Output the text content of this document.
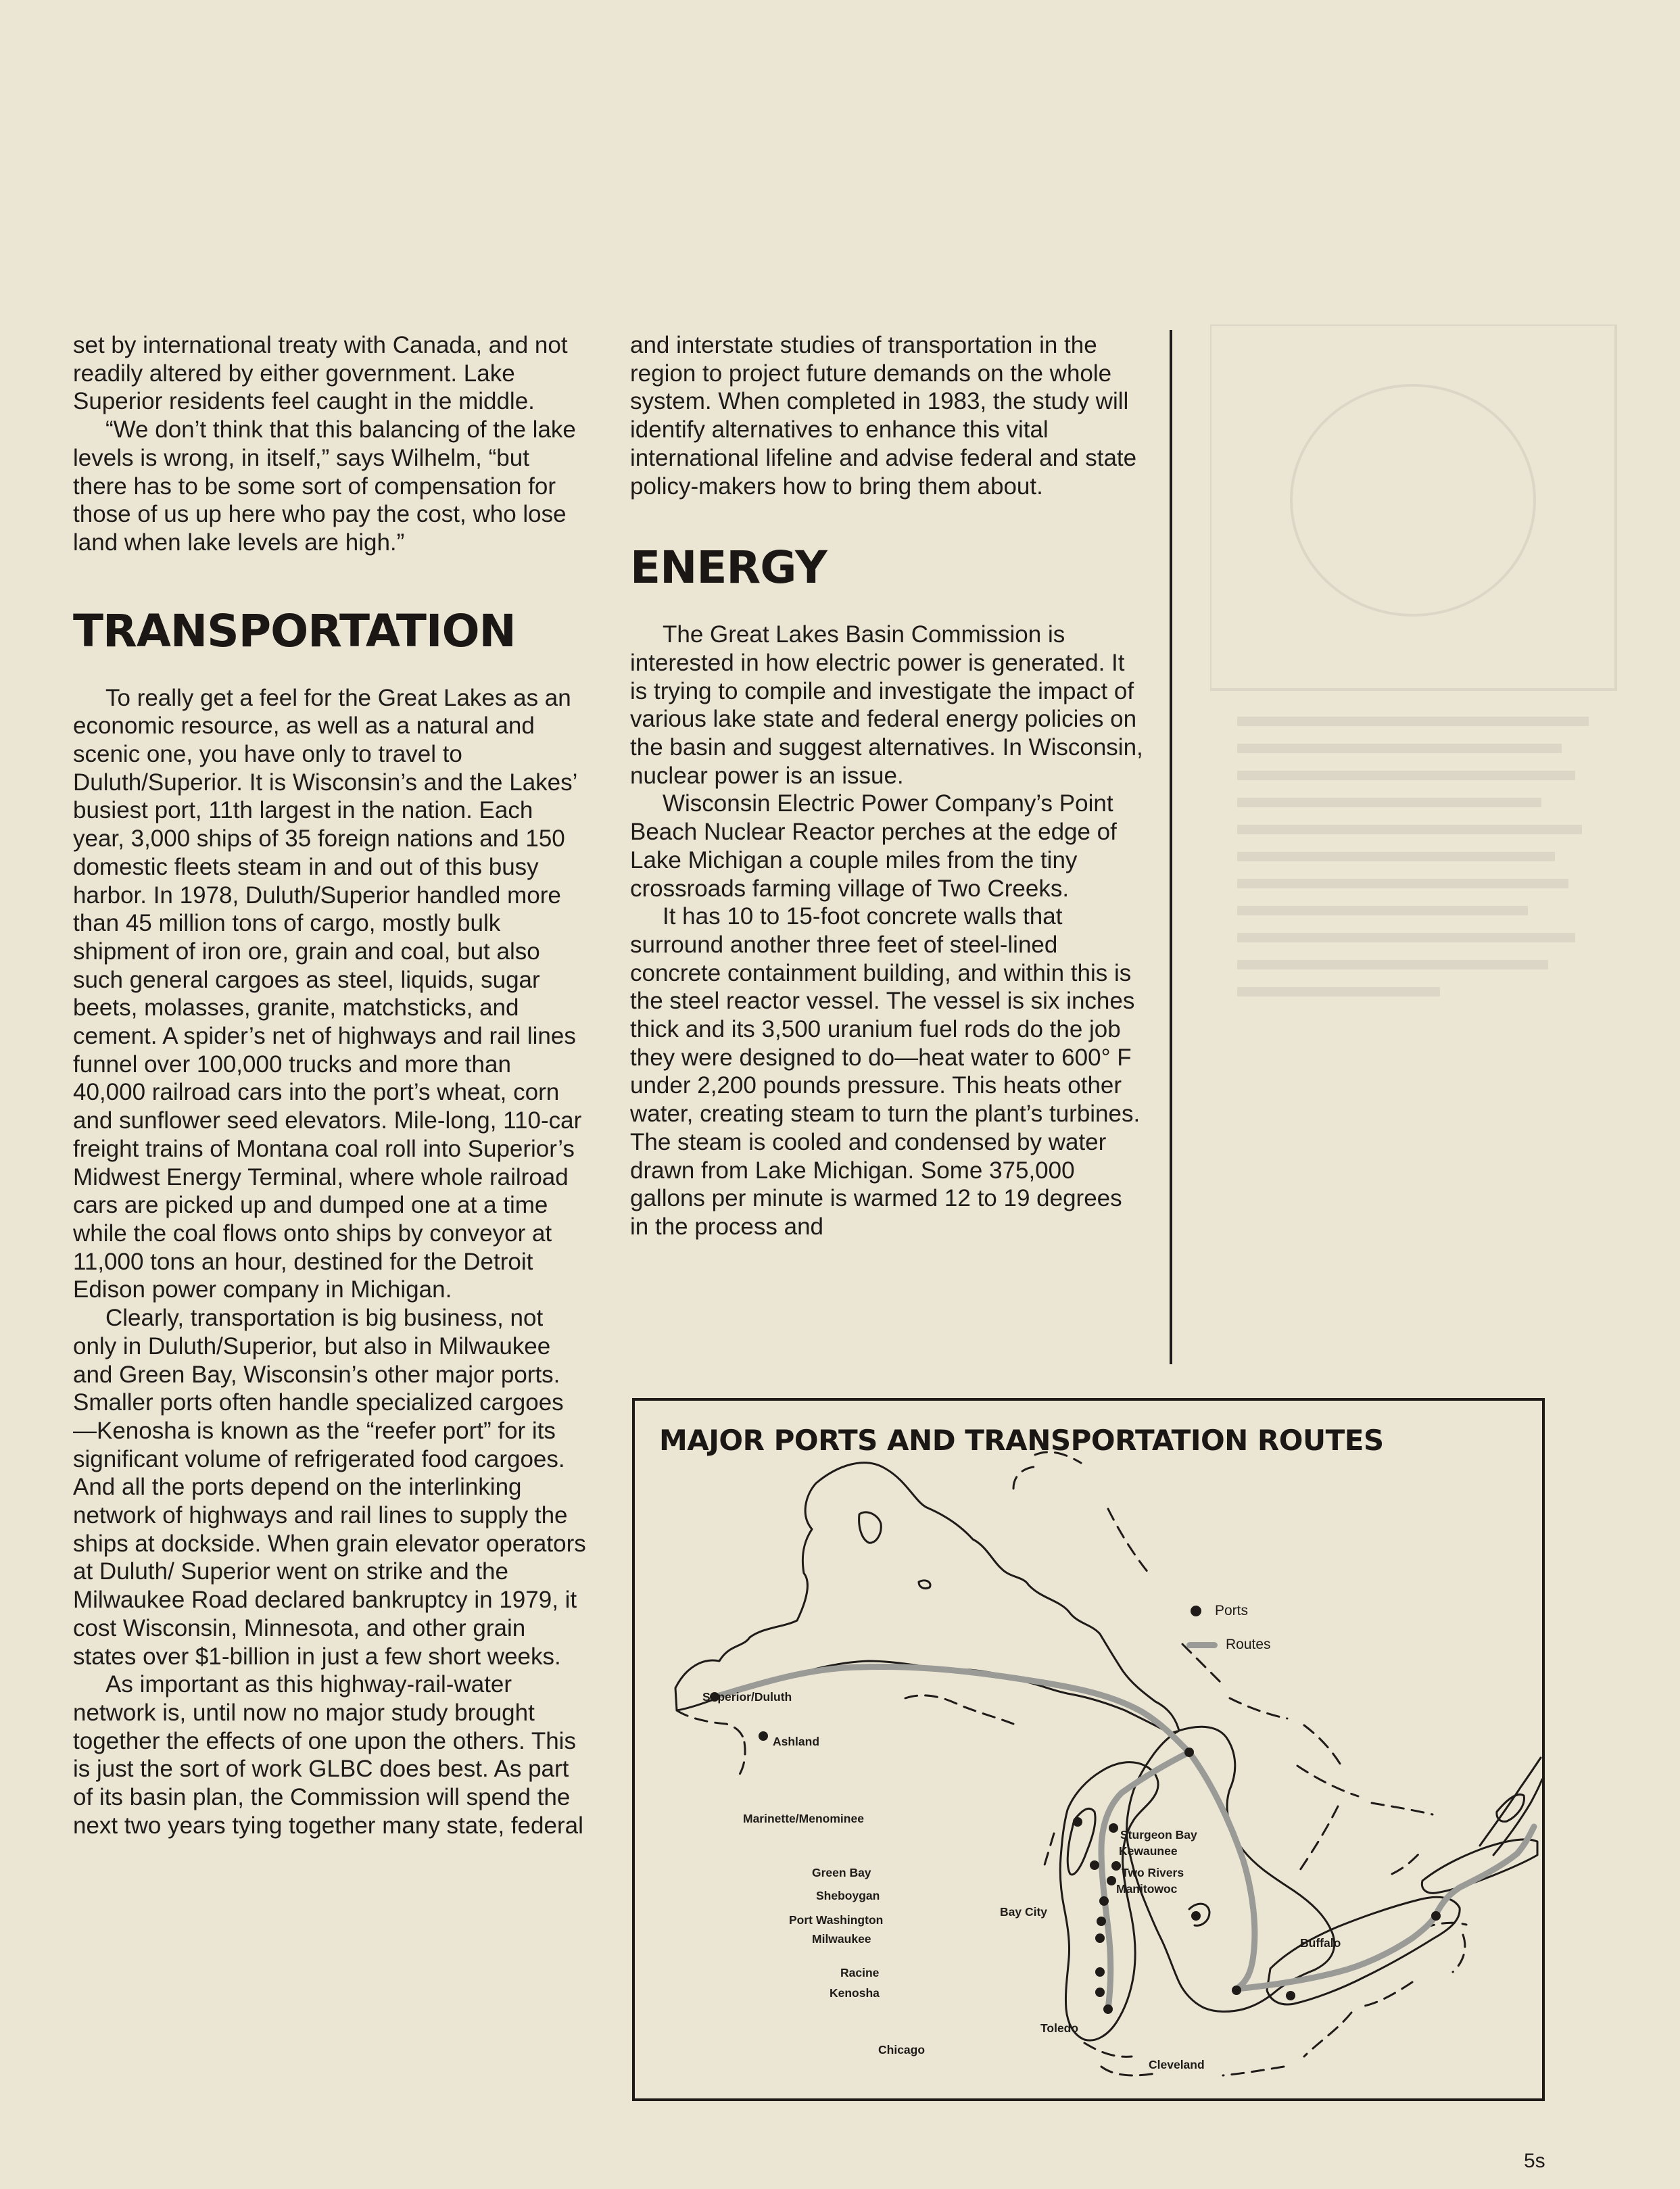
set by international treaty with Canada, and not readily altered by either government. Lake Superior residents feel caught in the middle.

“We don’t think that this balancing of the lake levels is wrong, in itself,” says Wilhelm, “but there has to be some sort of compensation for those of us up here who pay the cost, who lose land when lake levels are high.”

TRANSPORTATION

To really get a feel for the Great Lakes as an economic resource, as well as a natural and scenic one, you have only to travel to Duluth/Superior. It is Wisconsin’s and the Lakes’ busiest port, 11th largest in the nation. Each year, 3,000 ships of 35 foreign nations and 150 domestic fleets steam in and out of this busy harbor. In 1978, Duluth/Superior handled more than 45 million tons of cargo, mostly bulk shipment of iron ore, grain and coal, but also such general cargoes as steel, liquids, sugar beets, molasses, granite, matchsticks, and cement. A spider’s net of highways and rail lines funnel over 100,000 trucks and more than 40,000 railroad cars into the port’s wheat, corn and sunflower seed elevators. Mile-long, 110-car freight trains of Montana coal roll into Superior’s Midwest Energy Terminal, where whole railroad cars are picked up and dumped one at a time while the coal flows onto ships by conveyor at 11,000 tons an hour, destined for the Detroit Edison power company in Michigan.

Clearly, transportation is big business, not only in Duluth/Superior, but also in Milwaukee and Green Bay, Wisconsin’s other major ports. Smaller ports often handle specialized cargoes—Kenosha is known as the “reefer port” for its significant volume of refrigerated food cargoes. And all the ports depend on the interlinking network of highways and rail lines to supply the ships at dockside. When grain elevator operators at Duluth/ Superior went on strike and the Milwaukee Road declared bankruptcy in 1979, it cost Wisconsin, Minnesota, and other grain states over $1-billion in just a few short weeks.

As important as this highway-rail-water network is, until now no major study brought together the effects of one upon the others. This is just the sort of work GLBC does best. As part of its basin plan, the Commission will spend the next two years tying together many state, federal

and interstate studies of transportation in the region to project future demands on the whole system. When completed in 1983, the study will identify alternatives to enhance this vital international lifeline and advise federal and state policy-makers how to bring them about.

ENERGY

The Great Lakes Basin Commission is interested in how electric power is generated. It is trying to compile and investigate the impact of various lake state and federal energy policies on the basin and suggest alternatives. In Wisconsin, nuclear power is an issue.

Wisconsin Electric Power Company’s Point Beach Nuclear Reactor perches at the edge of Lake Michigan a couple miles from the tiny crossroads farming village of Two Creeks.

It has 10 to 15-foot concrete walls that surround another three feet of steel-lined concrete containment building, and within this is the steel reactor vessel. The vessel is six inches thick and its 3,500 uranium fuel rods do the job they were designed to do—heat water to 600° F under 2,200 pounds pressure. This heats other water, creating steam to turn the plant’s turbines. The steam is cooled and condensed by water drawn from Lake Michigan. Some 375,000 gallons per minute is warmed 12 to 19 degrees in the process and

MAJOR PORTS AND TRANSPORTATION ROUTES
Ports
Routes
Superior/Duluth
Ashland
Marinette/Menominee
Sturgeon Bay
Kewaunee
Green Bay	Two Rivers
Sheboygan	Manitowoc
Port Washington
Milwaukee
Racine
Kenosha
Chicago
Bay City
Toledo
Cleveland
Buffalo
5s
